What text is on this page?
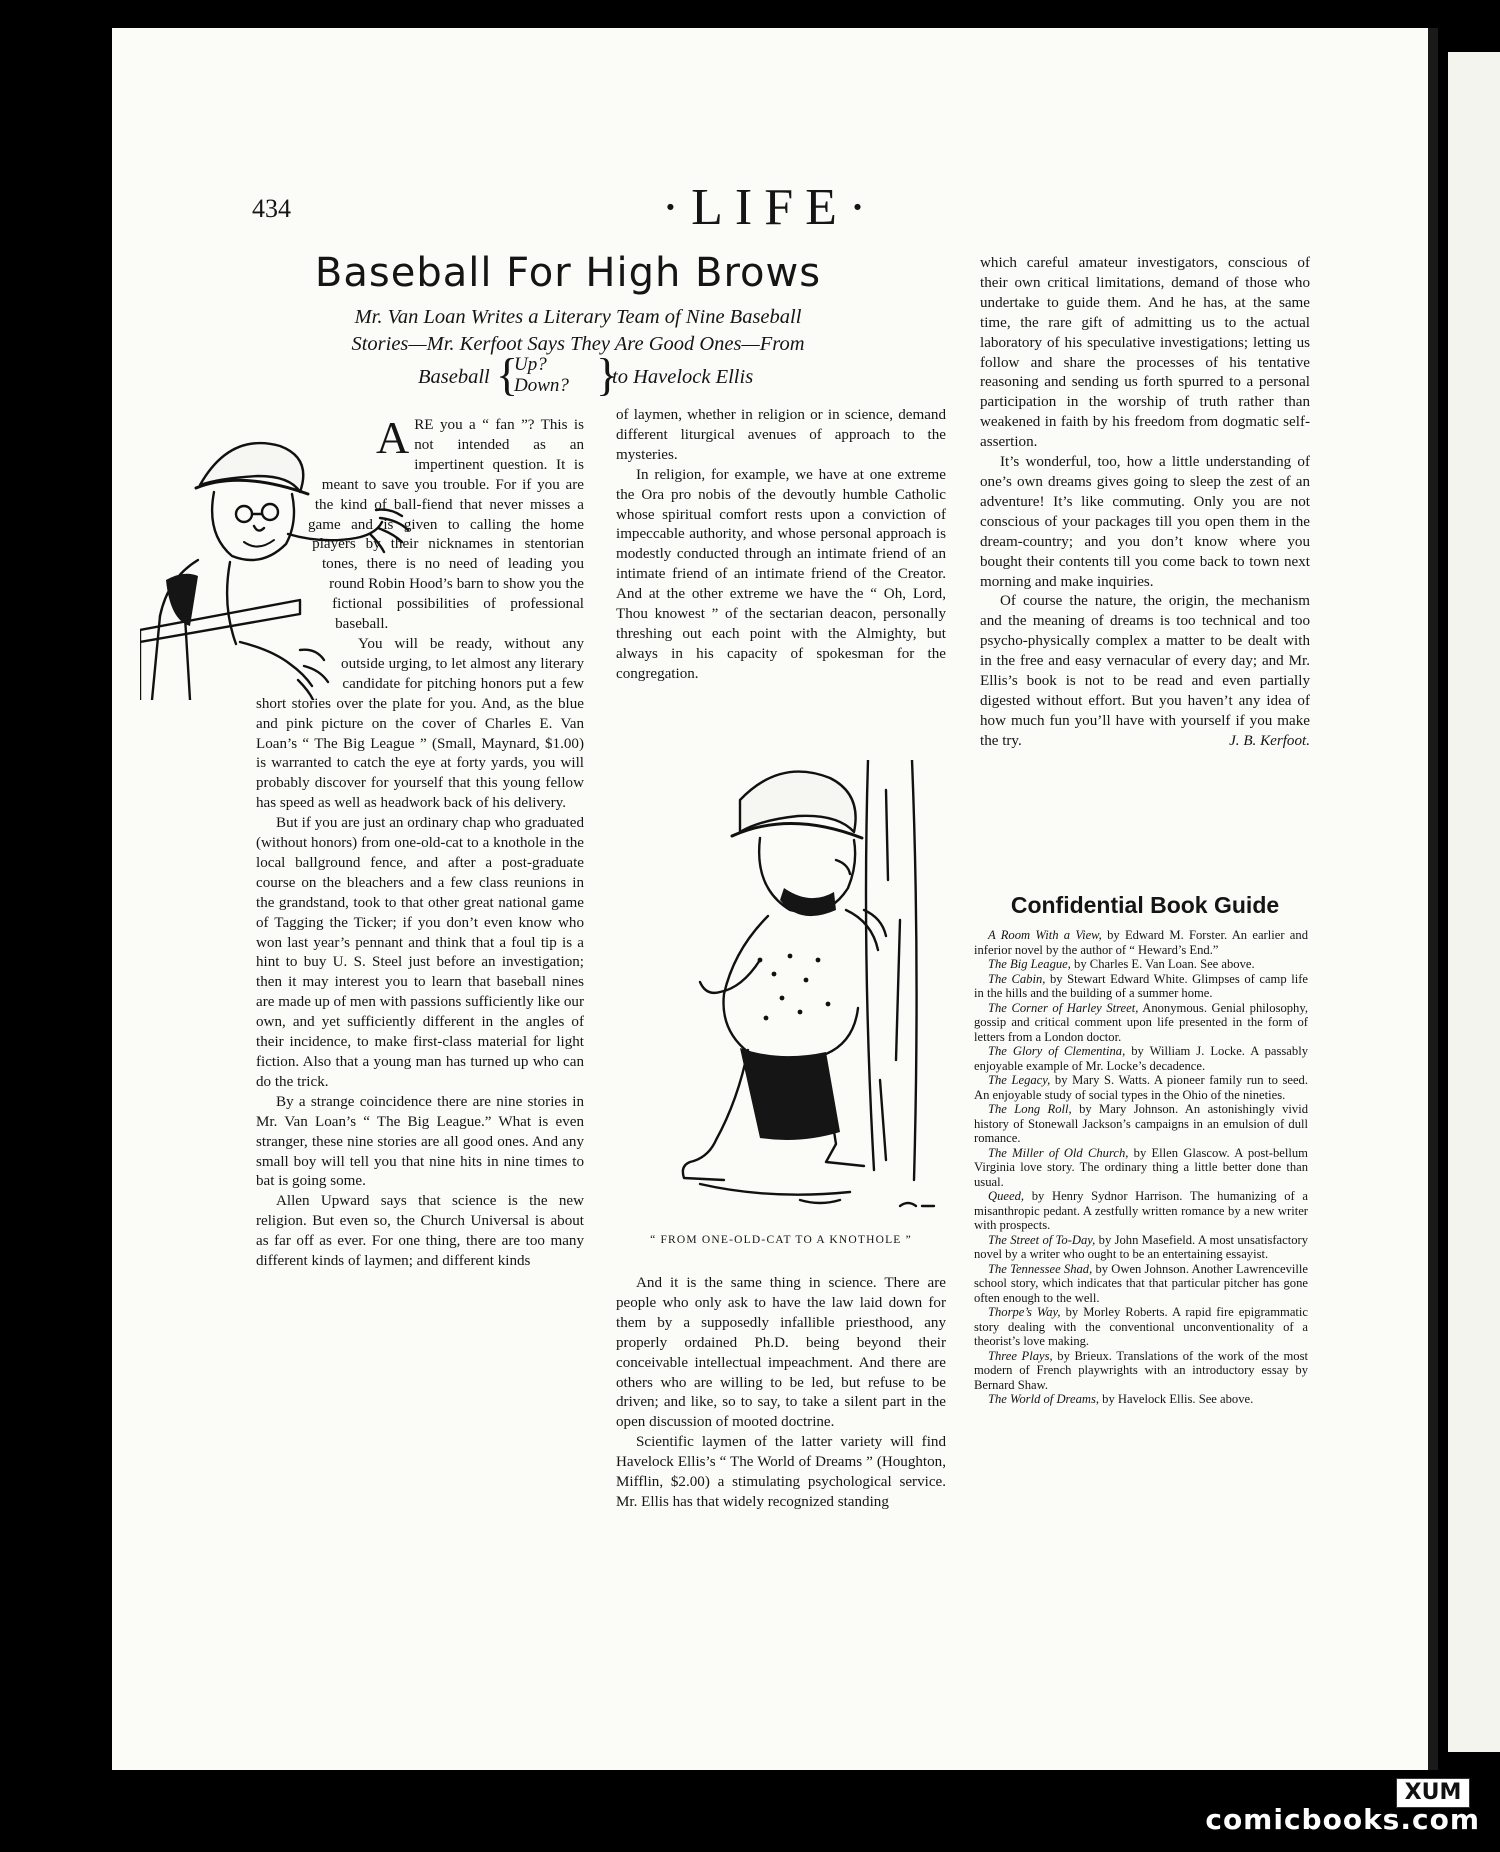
434	·LIFE·
Baseball For High Brows
Mr. Van Loan Writes a Literary Team of Nine Baseball
Stories—Mr. Kerfoot Says They Are Good Ones—From
Baseball {
Up?
Down? }
to Havelock Ellis

ARE you a “ fan ”? This is not intended as an impertinent question. It is meant to save you trouble. For if you are the kind of ball-fiend that never misses a game and is given to calling the home players by their nicknames in stentorian tones, there is no need of leading you round Robin Hood’s barn to show you the fictional possibilities of professional baseball.

You will be ready, without any outside urging, to let almost any literary candidate for pitching honors put a few short stories over the plate for you. And, as the blue and pink picture on the cover of Charles E. Van Loan’s “ The Big League ” (Small, Maynard, $1.00) is warranted to catch the eye at forty yards, you will probably discover for yourself that this young fellow has speed as well as headwork back of his delivery.

But if you are just an ordinary chap who graduated (without honors) from one-old-cat to a knothole in the local ballground fence, and after a post-graduate course on the bleachers and a few class reunions in the grandstand, took to that other great national game of Tagging the Ticker; if you don’t even know who won last year’s pennant and think that a foul tip is a hint to buy U. S. Steel just before an investigation; then it may interest you to learn that baseball nines are made up of men with passions sufficiently like our own, and yet sufficiently different in the angles of their incidence, to make first-class material for light fiction. Also that a young man has turned up who can do the trick.

By a strange coincidence there are nine stories in Mr. Van Loan’s “ The Big League.” What is even stranger, these nine stories are all good ones. And any small boy will tell you that nine hits in nine times to bat is going some.

Allen Upward says that science is the new religion. But even so, the Church Universal is about as far off as ever. For one thing, there are too many different kinds of laymen; and different kinds

of laymen, whether in religion or in science, demand different liturgical avenues of approach to the mysteries.

In religion, for example, we have at one extreme the Ora pro nobis of the devoutly humble Catholic whose spiritual comfort rests upon a conviction of impeccable authority, and whose personal approach is modestly conducted through an intimate friend of an intimate friend of an intimate friend of the Creator. And at the other extreme we have the “ Oh, Lord, Thou knowest ” of the sectarian deacon, personally threshing out each point with the Almighty, but always in his capacity of spokesman for the congregation.

“ FROM ONE-OLD-CAT TO A KNOTHOLE ”

And it is the same thing in science. There are people who only ask to have the law laid down for them by a supposedly infallible priesthood, any properly ordained Ph.D. being beyond their conceivable intellectual impeachment. And there are others who are willing to be led, but refuse to be driven; and like, so to say, to take a silent part in the open discussion of mooted doctrine.

Scientific laymen of the latter variety will find Havelock Ellis’s “ The World of Dreams ” (Houghton, Mifflin, $2.00) a stimulating psychological service. Mr. Ellis has that widely recognized standing

which careful amateur investigators, conscious of their own critical limitations, demand of those who undertake to guide them. And he has, at the same time, the rare gift of admitting us to the actual laboratory of his speculative investigations; letting us follow and share the processes of his tentative reasoning and sending us forth spurred to a personal participation in the worship of truth rather than weakened in faith by his freedom from dogmatic self-assertion.

It’s wonderful, too, how a little understanding of one’s own dreams gives going to sleep the zest of an adventure! It’s like commuting. Only you are not conscious of your packages till you open them in the dream-country; and you don’t know where you bought their contents till you come back to town next morning and make inquiries.

Of course the nature, the origin, the mechanism and the meaning of dreams is too technical and too psycho-physically complex a matter to be dealt with in the free and easy vernacular of every day; and Mr. Ellis’s book is not to be read and even partially digested without effort. But you haven’t any idea of how much fun you’ll have with yourself if you make the try.	J. B. Kerfoot.

Confidential Book Guide

A Room With a View, by Edward M. Forster. An earlier and inferior novel by the author of “ Heward’s End.”

The Big League, by Charles E. Van Loan. See above.

The Cabin, by Stewart Edward White. Glimpses of camp life in the hills and the building of a summer home.

The Corner of Harley Street, Anonymous. Genial philosophy, gossip and critical comment upon life presented in the form of letters from a London doctor.

The Glory of Clementina, by William J. Locke. A passably enjoyable example of Mr. Locke’s decadence.

The Legacy, by Mary S. Watts. A pioneer family run to seed. An enjoyable study of social types in the Ohio of the nineties.

The Long Roll, by Mary Johnson. An astonishingly vivid history of Stonewall Jackson’s campaigns in an emulsion of dull romance.

The Miller of Old Church, by Ellen Glascow. A post-bellum Virginia love story. The ordinary thing a little better done than usual.

Queed, by Henry Sydnor Harrison. The humanizing of a misanthropic pedant. A zestfully written romance by a new writer with prospects.

The Street of To-Day, by John Masefield. A most unsatisfactory novel by a writer who ought to be an entertaining essayist.

The Tennessee Shad, by Owen Johnson. Another Lawrenceville school story, which indicates that that particular pitcher has gone often enough to the well.

Thorpe’s Way, by Morley Roberts. A rapid fire epigrammatic story dealing with the conventional unconventionality of a theorist’s love making.

Three Plays, by Brieux. Translations of the work of the most modern of French playwrights with an introductory essay by Bernard Shaw.

The World of Dreams, by Havelock Ellis. See above.

XUM
comicbooks.com
